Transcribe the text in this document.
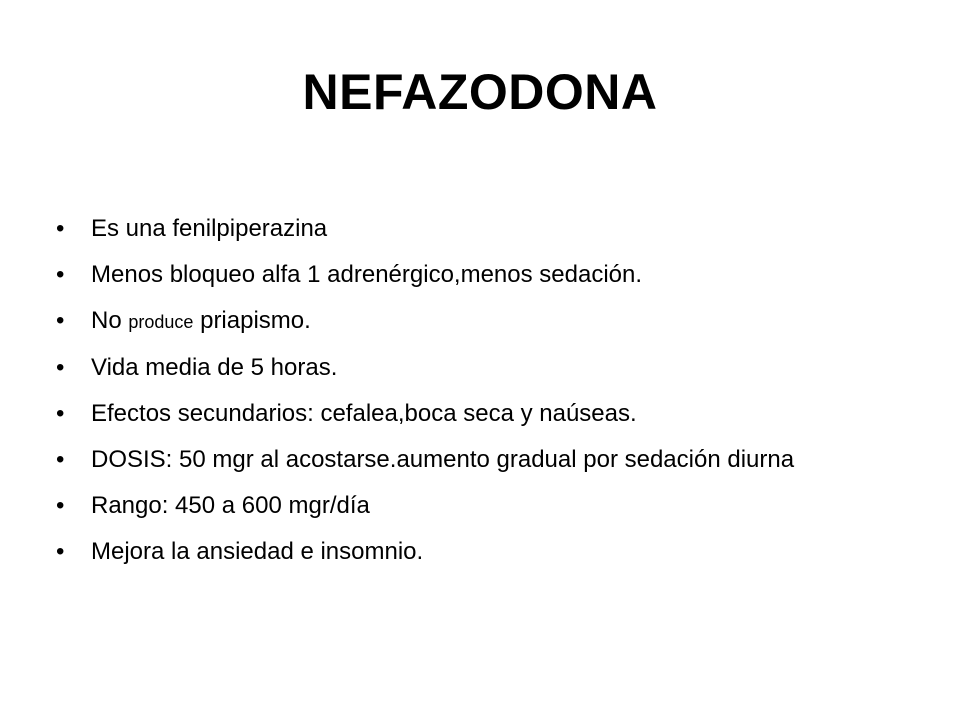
NEFAZODONA
• Es una fenilpiperazina
• Menos bloqueo alfa 1 adrenérgico,menos sedación.
• No produce priapismo.
• Vida media de 5 horas.
• Efectos secundarios: cefalea,boca seca y naúseas.
• DOSIS: 50 mgr al acostarse.aumento gradual por sedación diurna
• Rango: 450 a 600 mgr/día
• Mejora la ansiedad e insomnio.
